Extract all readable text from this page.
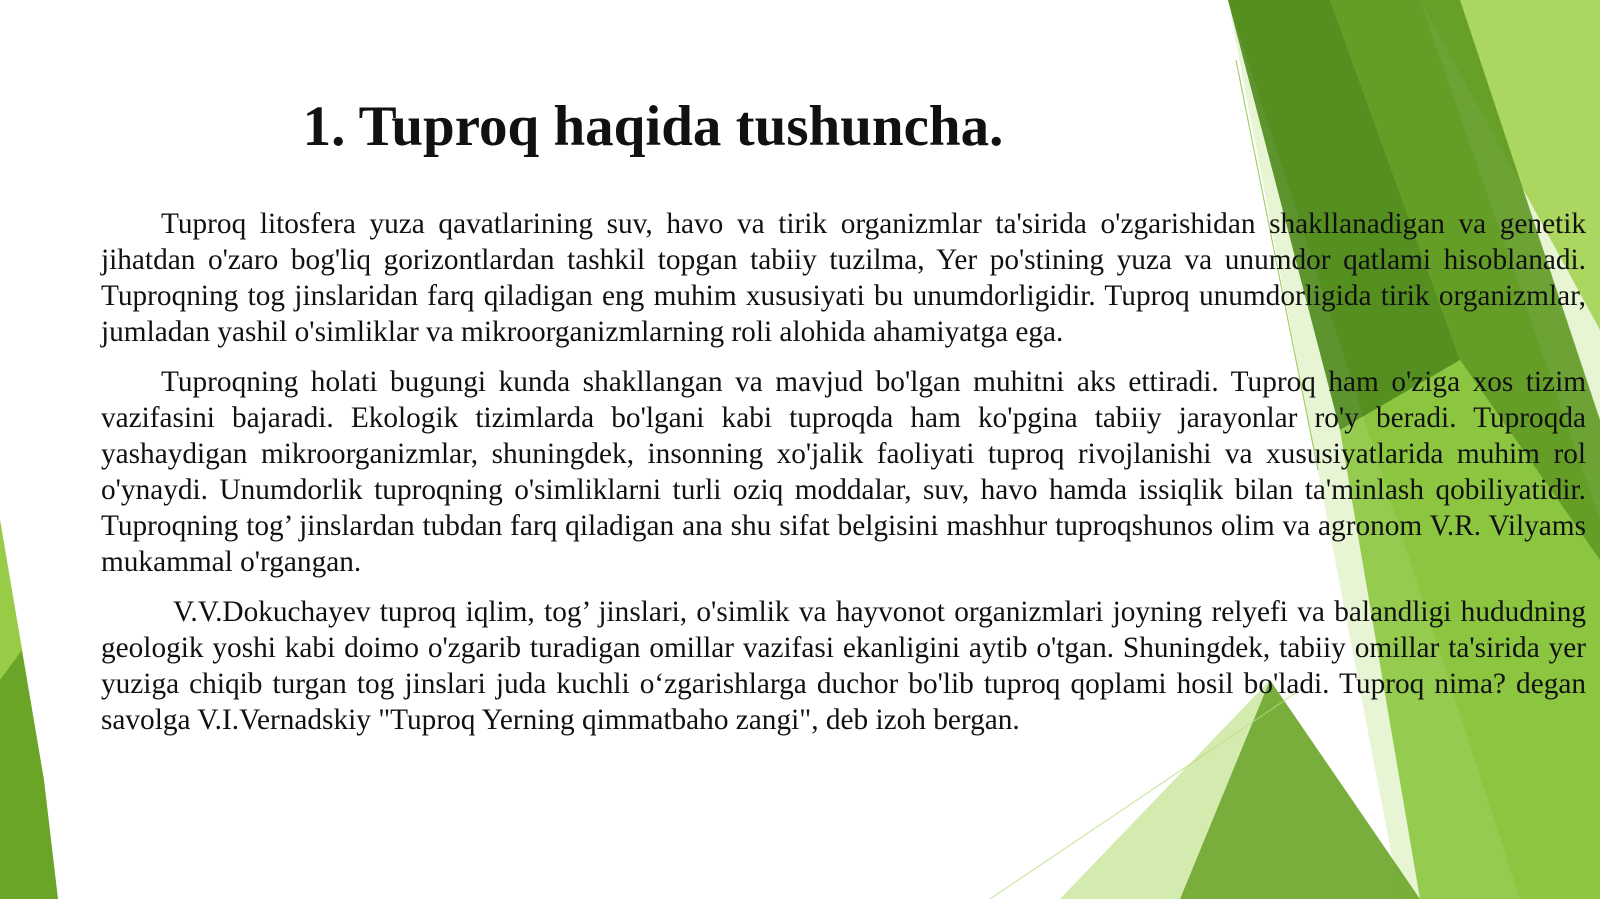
1. Tuproq haqida tushuncha.

Tuproq litosfera yuza qavatlarining suv, havo va tirik organizmlar ta'sirida o'zgarishidan shakllanadigan va genetik jihatdan o'zaro bog'liq gorizontlardan tashkil topgan tabiiy tuzilma, Yer po'stining yuza va unumdor qatlami hisoblanadi. Tuproqning tog jinslaridan farq qiladigan eng muhim xususiyati bu unumdorligidir. Tuproq unumdorligida tirik organizmlar, jumladan yashil o'simliklar va mikroorganizmlarning roli alohida ahamiyatga ega.

Tuproqning holati bugungi kunda shakllangan va mavjud bo'lgan muhitni aks ettiradi. Tuproq ham o'ziga xos tizim vazifasini bajaradi. Ekologik tizimlarda bo'lgani kabi tuproqda ham ko'pgina tabiiy jarayonlar ro'y beradi. Tuproqda yashaydigan mikroorganizmlar, shuningdek, insonning xo'jalik faoliyati tuproq rivojlanishi va xususiyatlarida muhim rol o'ynaydi. Unumdorlik tuproqning o'simliklarni turli oziq moddalar, suv, havo hamda issiqlik bilan ta'minlash qobiliyatidir. Tuproqning tog’ jinslardan tubdan farq qiladigan ana shu sifat belgisini mashhur tuproqshunos olim va agronom V.R. Vilyams mukammal o'rgangan.

V.V.Dokuchayev tuproq iqlim, tog’ jinslari, o'simlik va hayvonot organizmlari joyning relyefi va balandligi hududning geologik yoshi kabi doimo o'zgarib turadigan omillar vazifasi ekanligini aytib o'tgan. Shuningdek, tabiiy omillar ta'sirida yer yuziga chiqib turgan tog jinslari juda kuchli o‘zgarishlarga duchor bo'lib tuproq qoplami hosil bo'ladi. Tuproq nima? degan savolga V.I.Vernadskiy "Tuproq Yerning qimmatbaho zangi", deb izoh bergan.
